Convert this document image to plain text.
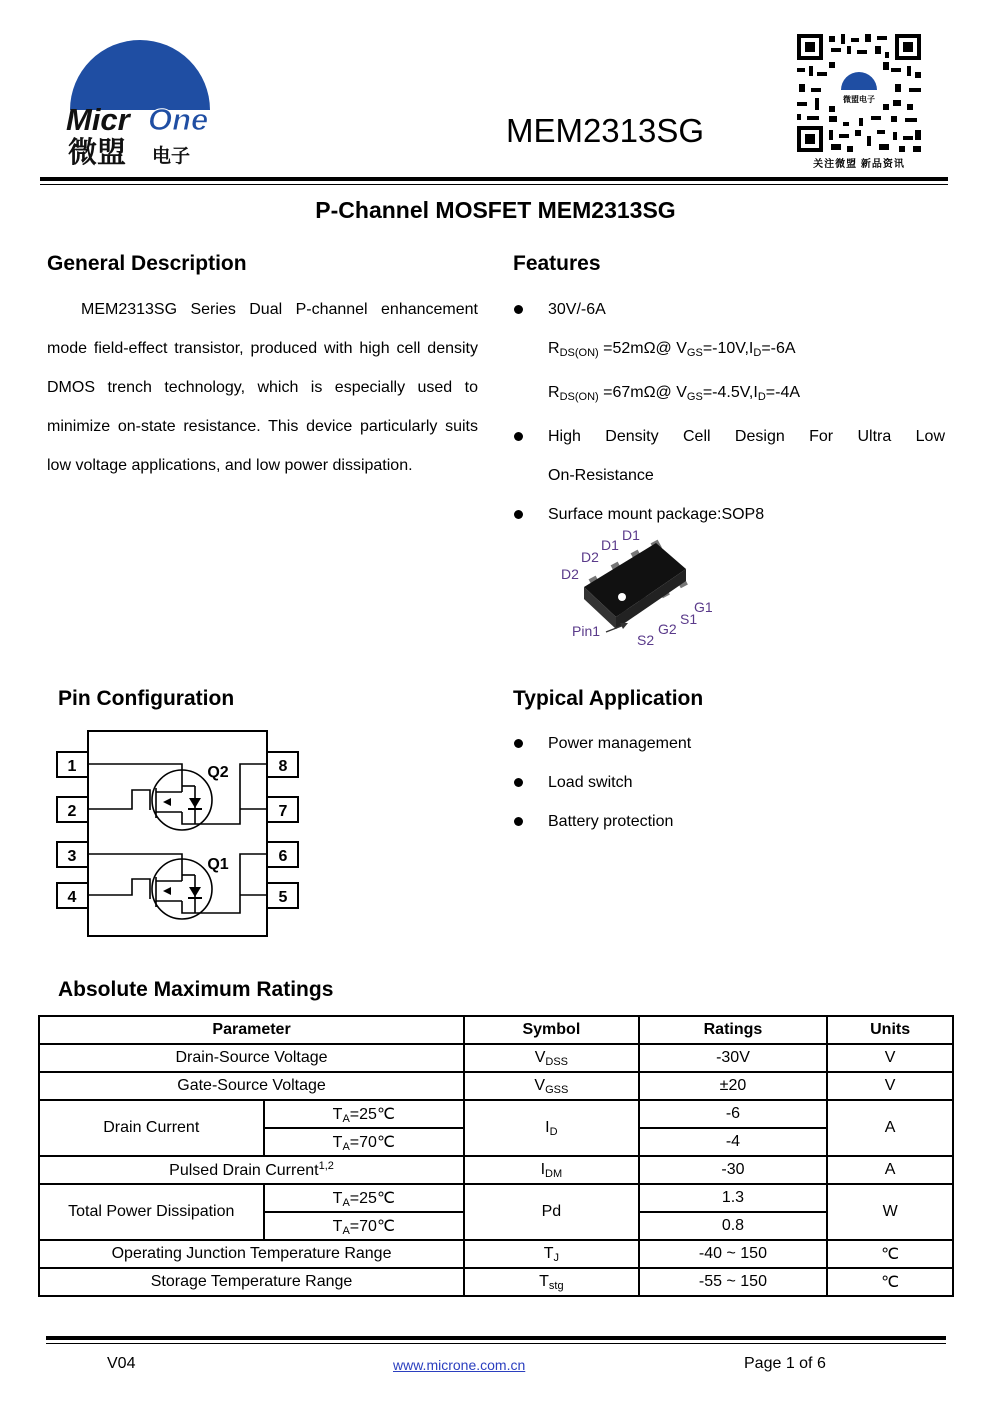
Micr One
微盟 电子
MEM2313SG
微盟电子
关注微盟 新品资讯
P-Channel MOSFET MEM2313SG
General Description

MEM2313SG Series Dual P-channel enhancement mode field-effect transistor, produced with high cell density DMOS trench technology, which is especially used to minimize on-state resistance. This device particularly suits low voltage applications, and low power dissipation.

Features
30V/-6A
$R_{DS(ON)}$ =52mΩ@ $V_{GS}=-10V,I_D=-6A$
$R_{DS(ON)}$ =67mΩ@ $V_{GS}=-4.5V,I_D=-4A$
High Density Cell Design For Ultra Low
On-Resistance
Surface mount package:SOP8
D1
D1
D2
D2
G1
S1
G2
S2
Pin1
Pin Configuration
1
2
3
4	5
6
7
8
Q2
Q1
Typical Application
Power management
Load switch
Battery protection
Absolute Maximum Ratings
Parameter		Symbol	Ratings	Units
Drain-Source Voltage		$V_{DSS}$	-30V	V
Gate-Source Voltage		$V_{GSS}$	±20	V
Drain Current	$T_A=25℃$	$I_D$	-6	A
	$T_A=70℃$		-4	
Pulsed Drain Current$^{1,2}$		$I_{DM}$	-30	A
Total Power Dissipation	$T_A=25℃$	Pd	1.3	W
	$T_A=70℃$		0.8	
Operating Junction Temperature Range		$T_J$	-40 ~ 150	℃
Storage Temperature Range		$T_{stg}$	-55 ~ 150	℃
V04	www.microne.com.cn	Page 1 of 6
